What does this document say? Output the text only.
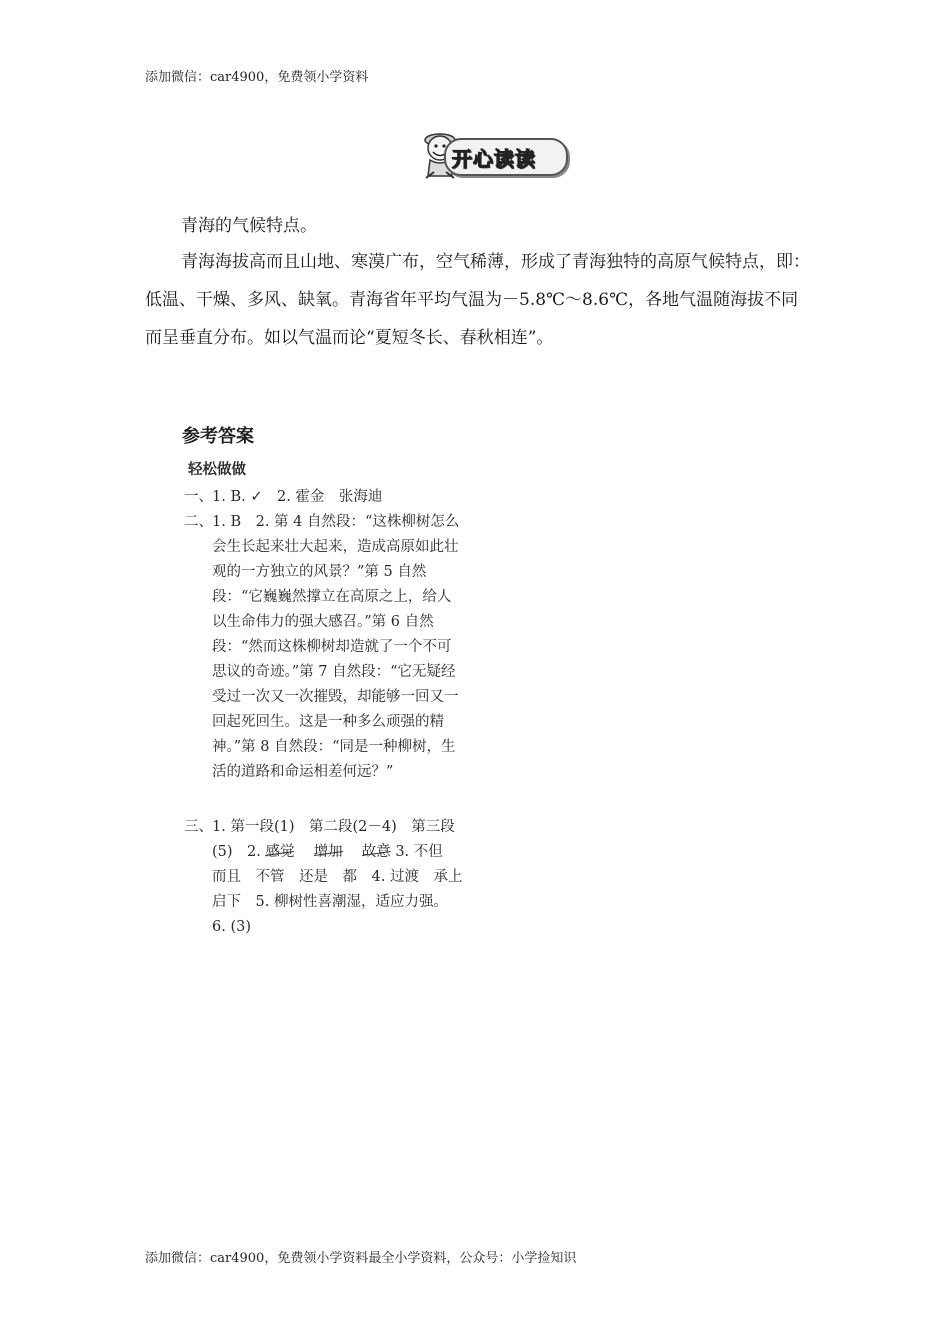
添加微信：car4900，免费领小学资料
开心读读
青海的气候特点。
青海海拔高而且山地、寒漠广布，空气稀薄，形成了青海独特的高原气候特点，即：低温、干燥、多风、缺氧。青海省年平均气温为－5.8℃～8.6℃，各地气温随海拔不同而呈垂直分布。如以气温而论“夏短冬长、春秋相连”。
参考答案
轻松做做
一、 1. B. ✓　2. 霍金　张海迪
二、 1. B　2. 第 4 自然段：“这株柳树怎么会生长起来壮大起来，造成高原如此壮观的一方独立的风景？”第 5 自然段：“它巍巍然撑立在高原之上，给人以生命伟力的强大感召。”第 6 自然段：“然而这株柳树却造就了一个不可思议的奇迹。”第 7 自然段：“它无疑经受过一次又一次摧毁，却能够一回又一回起死回生。这是一种多么顽强的精神。”第 8 自然段：“同是一种柳树，生活的道路和命运相差何远？”
三、 1. 第一段(1)　第二段(2－4)　第三段(5)　2. 感觉　 增加　 故意 3. 不但　而且　不管　还是　都　4. 过渡　承上启下　5. 柳树性喜潮湿，适应力强。　6. (3)
添加微信：car4900，免费领小学资料最全小学资料，公众号：小学捡知识
